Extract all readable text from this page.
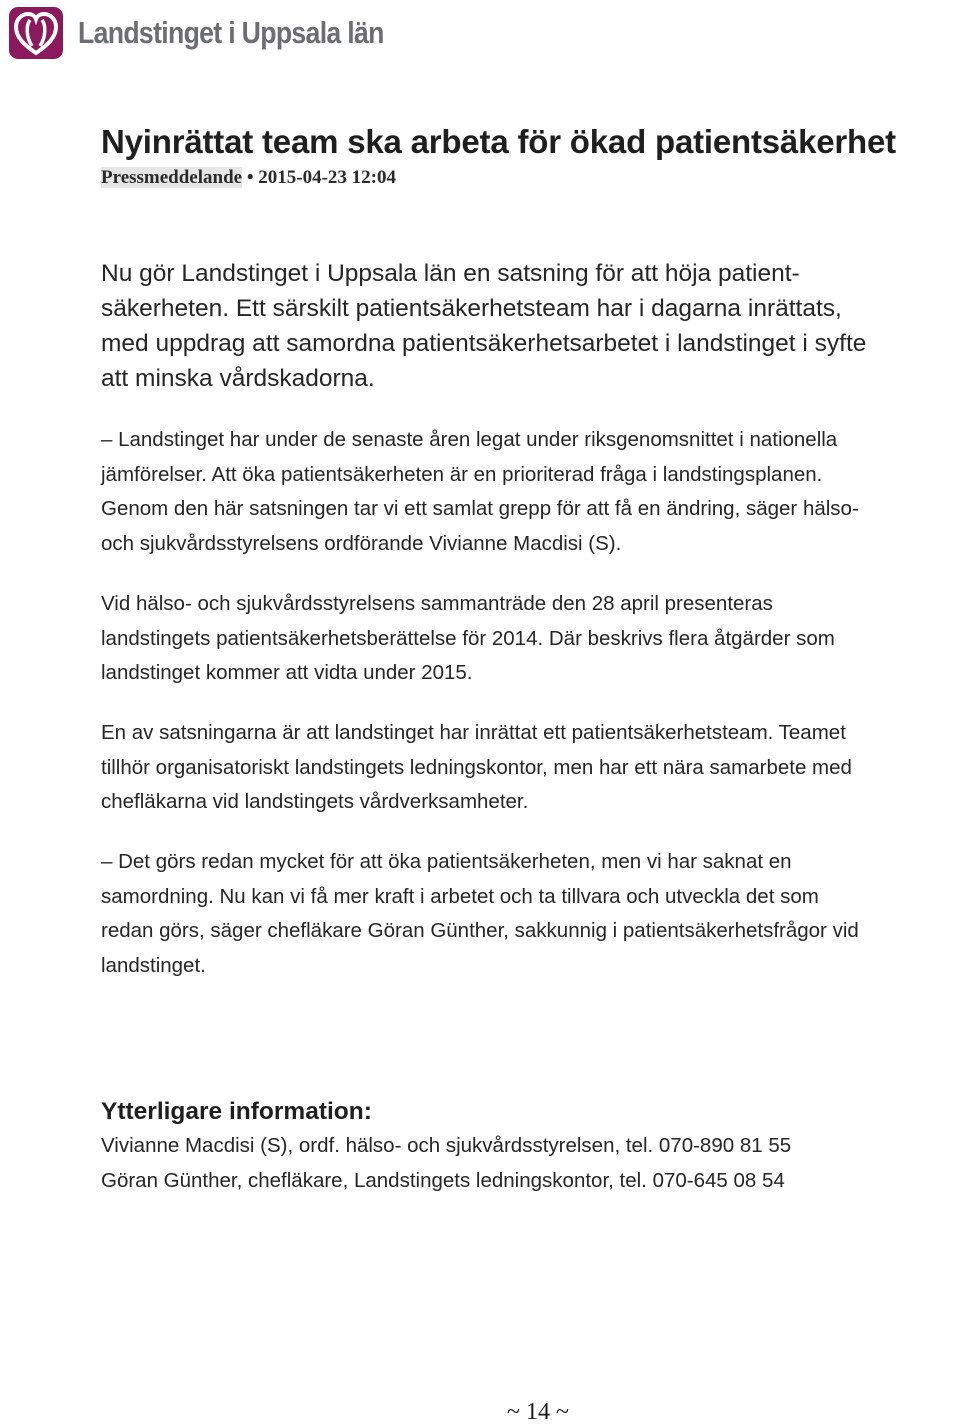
Landstinget i Uppsala län
Nyinrättat team ska arbeta för ökad patientsäkerhet
Pressmeddelande • 2015-04-23 12:04
Nu gör Landstinget i Uppsala län en satsning för att höja patient-
säkerheten. Ett särskilt patientsäkerhetsteam har i dagarna inrättats,
med uppdrag att samordna patientsäkerhetsarbetet i landstinget i syfte
att minska vårdskadorna.
– Landstinget har under de senaste åren legat under riksgenomsnittet i nationella
jämförelser. Att öka patientsäkerheten är en prioriterad fråga i landstingsplanen.
Genom den här satsningen tar vi ett samlat grepp för att få en ändring, säger hälso-
och sjukvårdsstyrelsens ordförande Vivianne Macdisi (S).
Vid hälso- och sjukvårdsstyrelsens sammanträde den 28 april presenteras
landstingets patientsäkerhetsberättelse för 2014. Där beskrivs flera åtgärder som
landstinget kommer att vidta under 2015.
En av satsningarna är att landstinget har inrättat ett patientsäkerhetsteam. Teamet
tillhör organisatoriskt landstingets ledningskontor, men har ett nära samarbete med
chefläkarna vid landstingets vårdverksamheter.
– Det görs redan mycket för att öka patientsäkerheten, men vi har saknat en
samordning. Nu kan vi få mer kraft i arbetet och ta tillvara och utveckla det som
redan görs, säger chefläkare Göran Günther, sakkunnig i patientsäkerhetsfrågor vid
landstinget.
Ytterligare information:
Vivianne Macdisi (S), ordf. hälso- och sjukvårdsstyrelsen, tel. 070-890 81 55
Göran Günther, chefläkare, Landstingets ledningskontor, tel. 070-645 08 54
~ 14 ~
